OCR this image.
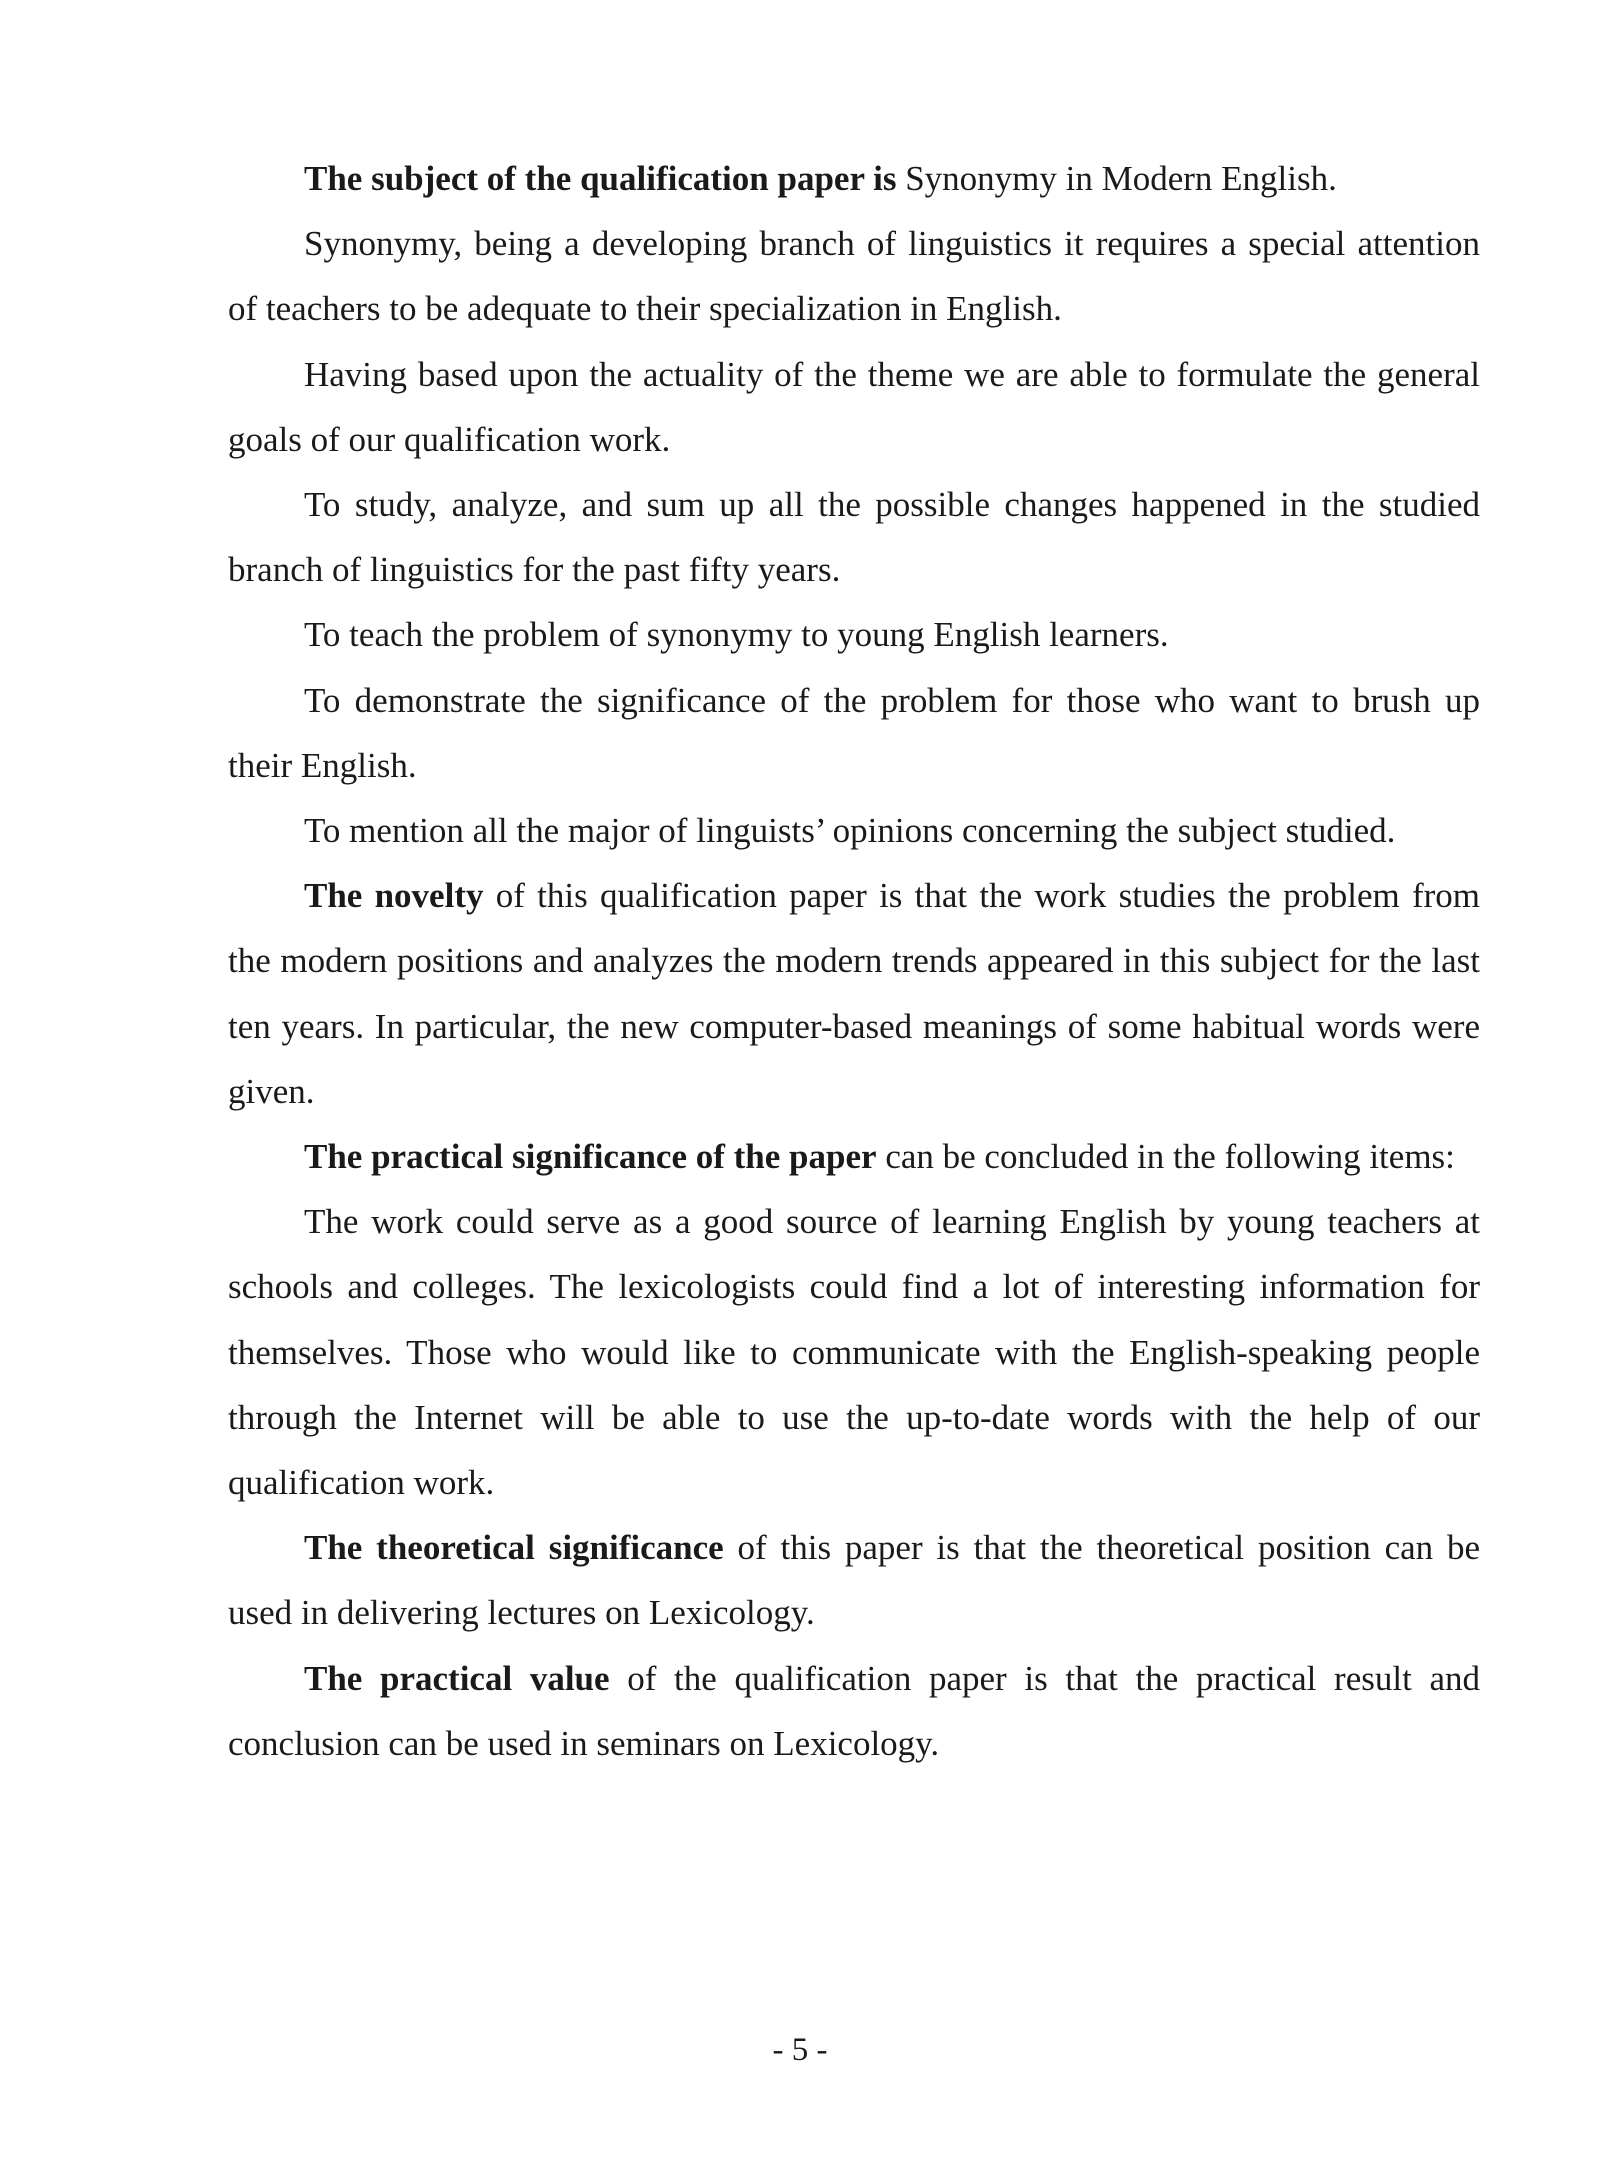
The subject of the qualification paper is Synonymy in Modern English.

Synonymy, being a developing branch of linguistics it requires a special attention of teachers to be adequate to their specialization in English.

Having based upon the actuality of the theme we are able to formulate the general goals of our qualification work.

To study, analyze, and sum up all the possible changes happened in the studied branch of linguistics for the past fifty years.

To teach the problem of synonymy to young English learners.

To demonstrate the significance of the problem for those who want to brush up their English.

To mention all the major of linguists’ opinions concerning the subject studied.

The novelty of this qualification paper is that the work studies the problem from the modern positions and analyzes the modern trends appeared in this subject for the last ten years. In particular, the new computer-based meanings of some habitual words were given.

The practical significance of the paper can be concluded in the following items:

The work could serve as a good source of learning English by young teachers at schools and colleges. The lexicologists could find a lot of interesting information for themselves. Those who would like to communicate with the English-speaking people through the Internet will be able to use the up-to-date words with the help of our qualification work.

The theoretical significance of this paper is that the theoretical position can be used in delivering lectures on Lexicology.

The practical value of the qualification paper is that the practical result and conclusion can be used in seminars on Lexicology.

- 5 -
